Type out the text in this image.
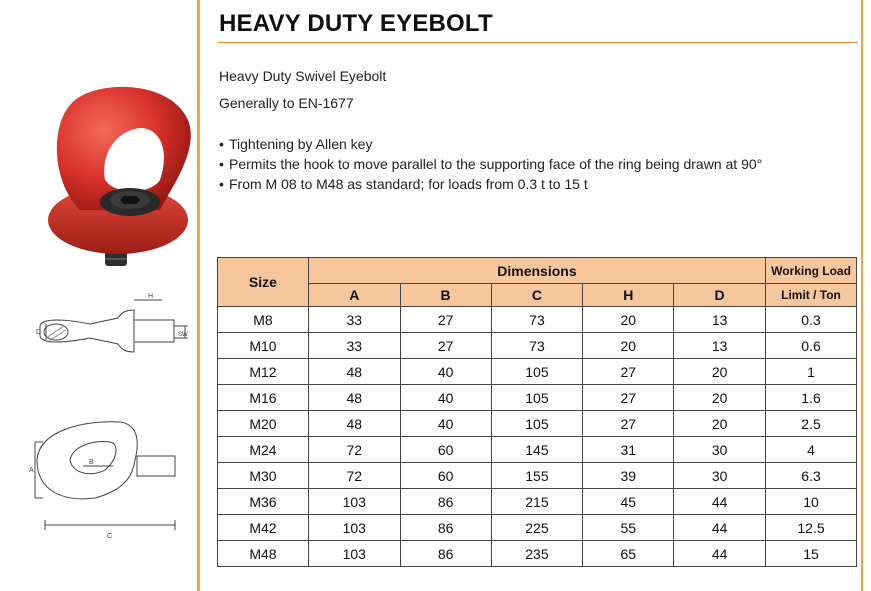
H
D	SW
A
B
C
HEAVY DUTY EYEBOLT
Heavy Duty Swivel Eyebolt
Generally to EN-1677
• Tightening by Allen key
• Permits the hook to move parallel to the supporting face of the ring being drawn at 90°
• From M 08 to M48 as standard; for loads from 0.3 t to 15 t
Size	Dimensions					Working Load
	A	B	C	H	D	Limit / Ton
M8	33	27	73	20	13	0.3
M10	33	27	73	20	13	0.6
M12	48	40	105	27	20	1
M16	48	40	105	27	20	1.6
M20	48	40	105	27	20	2.5
M24	72	60	145	31	30	4
M30	72	60	155	39	30	6.3
M36	103	86	215	45	44	10
M42	103	86	225	55	44	12.5
M48	103	86	235	65	44	15
